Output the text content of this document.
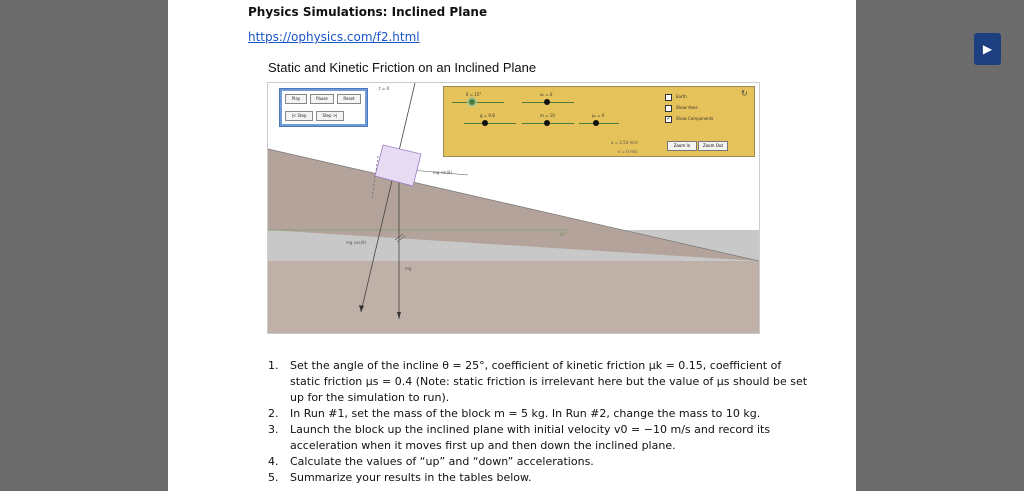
Physics Simulations: Inclined Plane
https://ophysics.com/f2.html
Static and Kinetic Friction on an Inclined Plane
Play	Pause	Reset
|< Step	Step >|
t = 0
θ = 15°	v₀ = 0
g = 9.8	m = 10	μₛ = 0
Earth
Show Axes
✓	Show Components
↻
a = 2.54 m/s²
v = 0 m/s
Zoom In	Zoom Out
mg sin(θ)
mg cos(θ)
mg
15°
1. Set the angle of the incline θ = 25°, coefficient of kinetic friction μk = 0.15, coefficient of static friction μs = 0.4 (Note: static friction is irrelevant here but the value of μs should be set up for the simulation to run).
2. In Run #1, set the mass of the block m = 5 kg. In Run #2, change the mass to 10 kg.
3. Launch the block up the inclined plane with initial velocity v0 = −10 m/s and record its acceleration when it moves first up and then down the inclined plane.
4. Calculate the values of “up” and “down” accelerations.
5. Summarize your results in the tables below.
▶
